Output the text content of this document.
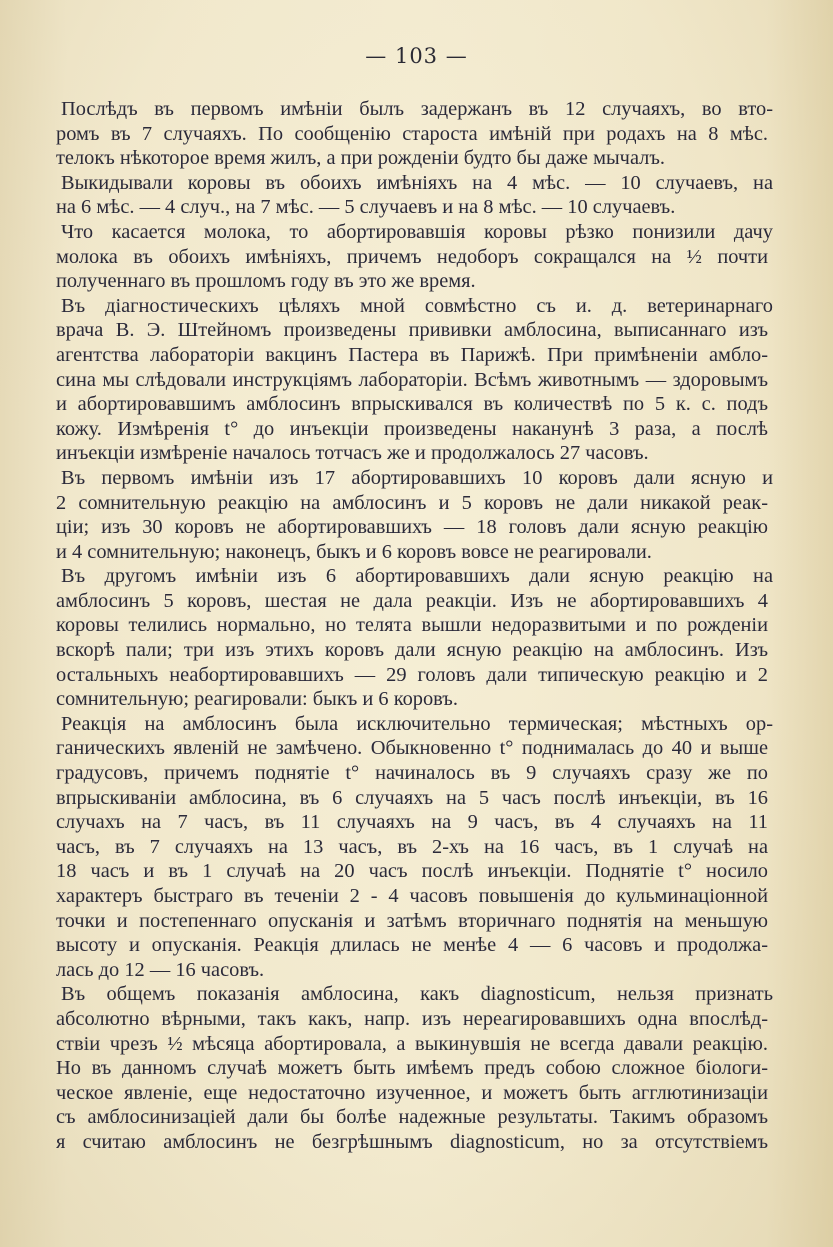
— 103 —
Послѣдъ въ первомъ имѣніи былъ задержанъ въ 12 случаяхъ, во вто-
ромъ въ 7 случаяхъ. По сообщенію староста имѣній при родахъ на 8 мѣс.
телокъ нѣкоторое время жилъ, а при рожденіи будто бы даже мычалъ.
Выкидывали коровы въ обоихъ имѣніяхъ на 4 мѣс. — 10 случаевъ, на
на 6 мѣс. — 4 случ., на 7 мѣс. — 5 случаевъ и на 8 мѣс. — 10 случаевъ.
Что касается молока, то абортировавшія коровы рѣзко понизили дачу
молока въ обоихъ имѣніяхъ, причемъ недоборъ сокращался на ½ почти
полученнаго въ прошломъ году въ это же время.
Въ діагностическихъ цѣляхъ мной совмѣстно съ и. д. ветеринарнаго
врача В. Э. Штейномъ произведены прививки амблосина, выписаннаго изъ
агентства лабораторіи вакцинъ Пастера въ Парижѣ. При примѣненіи амбло-
сина мы слѣдовали инструкціямъ лабораторіи. Всѣмъ животнымъ — здоровымъ
и абортировавшимъ амблосинъ впрыскивался въ количествѣ по 5 к. с. подъ
кожу. Измѣренія t° до инъекціи произведены наканунѣ 3 раза, а послѣ
инъекціи измѣреніе началось тотчасъ же и продолжалось 27 часовъ.
Въ первомъ имѣніи изъ 17 абортировавшихъ 10 коровъ дали ясную и
2 сомнительную реакцію на амблосинъ и 5 коровъ не дали никакой реак-
ціи; изъ 30 коровъ не абортировавшихъ — 18 головъ дали ясную реакцію
и 4 сомнительную; наконецъ, быкъ и 6 коровъ вовсе не реагировали.
Въ другомъ имѣніи изъ 6 абортировавшихъ дали ясную реакцію на
амблосинъ 5 коровъ, шестая не дала реакціи. Изъ не абортировавшихъ 4
коровы телились нормально, но телята вышли недоразвитыми и по рожденіи
вскорѣ пали; три изъ этихъ коровъ дали ясную реакцію на амблосинъ. Изъ
остальныхъ неабортировавшихъ — 29 головъ дали типическую реакцію и 2
сомнительную; реагировали: быкъ и 6 коровъ.
Реакція на амблосинъ была исключительно термическая; мѣстныхъ ор-
ганическихъ явленій не замѣчено. Обыкновенно t° поднималась до 40 и выше
градусовъ, причемъ поднятіе t° начиналось въ 9 случаяхъ сразу же по
впрыскиваніи амблосина, въ 6 случаяхъ на 5 часъ послѣ инъекціи, въ 16
случахъ на 7 часъ, въ 11 случаяхъ на 9 часъ, въ 4 случаяхъ на 11
часъ, въ 7 случаяхъ на 13 часъ, въ 2-хъ на 16 часъ, въ 1 случаѣ на
18 часъ и въ 1 случаѣ на 20 часъ послѣ инъекціи. Поднятіе t° носило
характеръ быстраго въ теченіи 2 - 4 часовъ повышенія до кульминаціонной
точки и постепеннаго опусканія и затѣмъ вторичнаго поднятія на меньшую
высоту и опусканія. Реакція длилась не менѣе 4 — 6 часовъ и продолжа-
лась до 12 — 16 часовъ.
Въ общемъ показанія амблосина, какъ diagnosticum, нельзя признать
абсолютно вѣрными, такъ какъ, напр. изъ нереагировавшихъ одна впослѣд-
ствіи чрезъ ½ мѣсяца абортировала, а выкинувшія не всегда давали реакцію.
Но въ данномъ случаѣ можетъ быть имѣемъ предъ собою сложное біологи-
ческое явленіе, еще недостаточно изученное, и можетъ быть агглютинизаціи
съ амблосинизаціей дали бы болѣе надежные результаты. Такимъ образомъ
я считаю амблосинъ не безгрѣшнымъ diagnosticum, но за отсутствіемъ
